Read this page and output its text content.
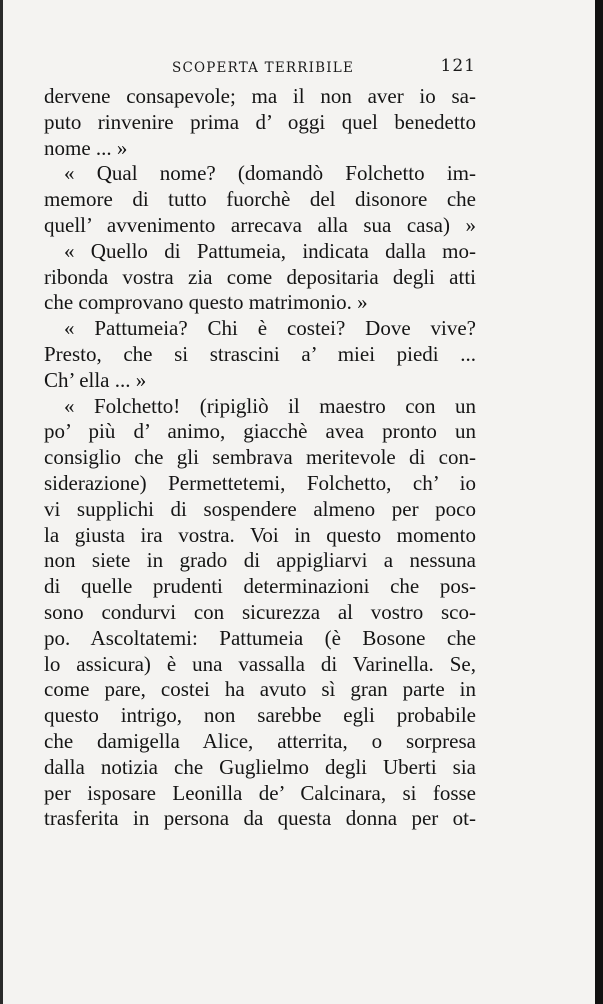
SCOPERTA TERRIBILE	121
dervene consapevole; ma il non aver io sa-
puto rinvenire prima d’ oggi quel benedetto
nome ... »
« Qual nome? (domandò Folchetto im-
memore di tutto fuorchè del disonore che
quell’ avvenimento arrecava alla sua casa) »
« Quello di Pattumeia, indicata dalla mo-
ribonda vostra zia come depositaria degli atti
che comprovano questo matrimonio. »
« Pattumeia? Chi è costei? Dove vive?
Presto, che si strascini a’ miei piedi ...
Ch’ ella ... »
« Folchetto! (ripigliò il maestro con un
po’ più d’ animo, giacchè avea pronto un
consiglio che gli sembrava meritevole di con-
siderazione) Permettetemi, Folchetto, ch’ io
vi supplichi di sospendere almeno per poco
la giusta ira vostra. Voi in questo momento
non siete in grado di appigliarvi a nessuna
di quelle prudenti determinazioni che pos-
sono condurvi con sicurezza al vostro sco-
po. Ascoltatemi: Pattumeia (è Bosone che
lo assicura) è una vassalla di Varinella. Se,
come pare, costei ha avuto sì gran parte in
questo intrigo, non sarebbe egli probabile
che damigella Alice, atterrita, o sorpresa
dalla notizia che Guglielmo degli Uberti sia
per isposare Leonilla de’ Calcinara, si fosse
trasferita in persona da questa donna per ot-
